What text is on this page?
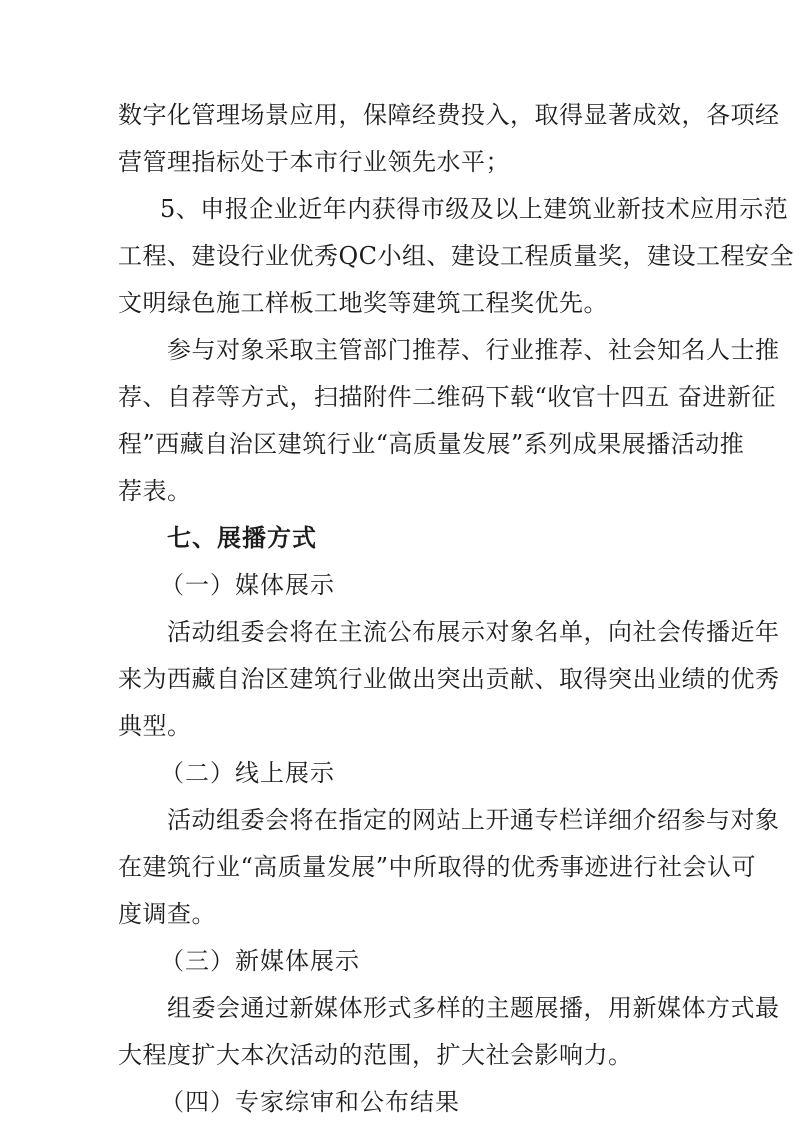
数字化管理场景应用，保障经费投入，取得显著成效，各项经
营管理指标处于本市行业领先水平；
5、申报企业近年内获得市级及以上建筑业新技术应用示范
工程、建设行业优秀QC小组、建设工程质量奖，建设工程安全
文明绿色施工样板工地奖等建筑工程奖优先。
参与对象采取主管部门推荐、行业推荐、社会知名人士推
荐、自荐等方式，扫描附件二维码下载“收官十四五 奋进新征
程”西藏自治区建筑行业“高质量发展”系列成果展播活动推
荐表。
七、展播方式
（一）媒体展示
活动组委会将在主流公布展示对象名单，向社会传播近年
来为西藏自治区建筑行业做出突出贡献、取得突出业绩的优秀
典型。
（二）线上展示
活动组委会将在指定的网站上开通专栏详细介绍参与对象
在建筑行业“高质量发展”中所取得的优秀事迹进行社会认可
度调查。
（三）新媒体展示
组委会通过新媒体形式多样的主题展播，用新媒体方式最
大程度扩大本次活动的范围，扩大社会影响力。
（四）专家综审和公布结果
